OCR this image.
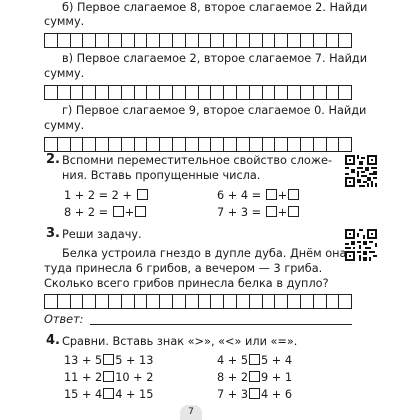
б) Первое слагаемое 8, второе слагаемое 2. Найди
сумму.
в) Первое слагаемое 2, второе слагаемое 7. Найди
сумму.
г) Первое слагаемое 9, второе слагаемое 0. Найди
сумму.
2. Вспомни переместительное свойство сложе-
ния. Вставь пропущенные числа.
1 + 2 = 2 +
8 + 2 = +
6 + 4 = +
7 + 3 = +
3. Реши задачу.
Белка устроила гнездо в дупле дуба. Днём она
туда принесла 6 грибов, а вечером — 3 гриба.
Сколько всего грибов принесла белка в дупло?
Ответ:
4. Сравни. Вставь знак «>», «<» или «=».
13 + 5 5 + 13
11 + 2 10 + 2
15 + 4 4 + 15
4 + 5 5 + 4
8 + 2 9 + 1
7 + 3 4 + 6
7
